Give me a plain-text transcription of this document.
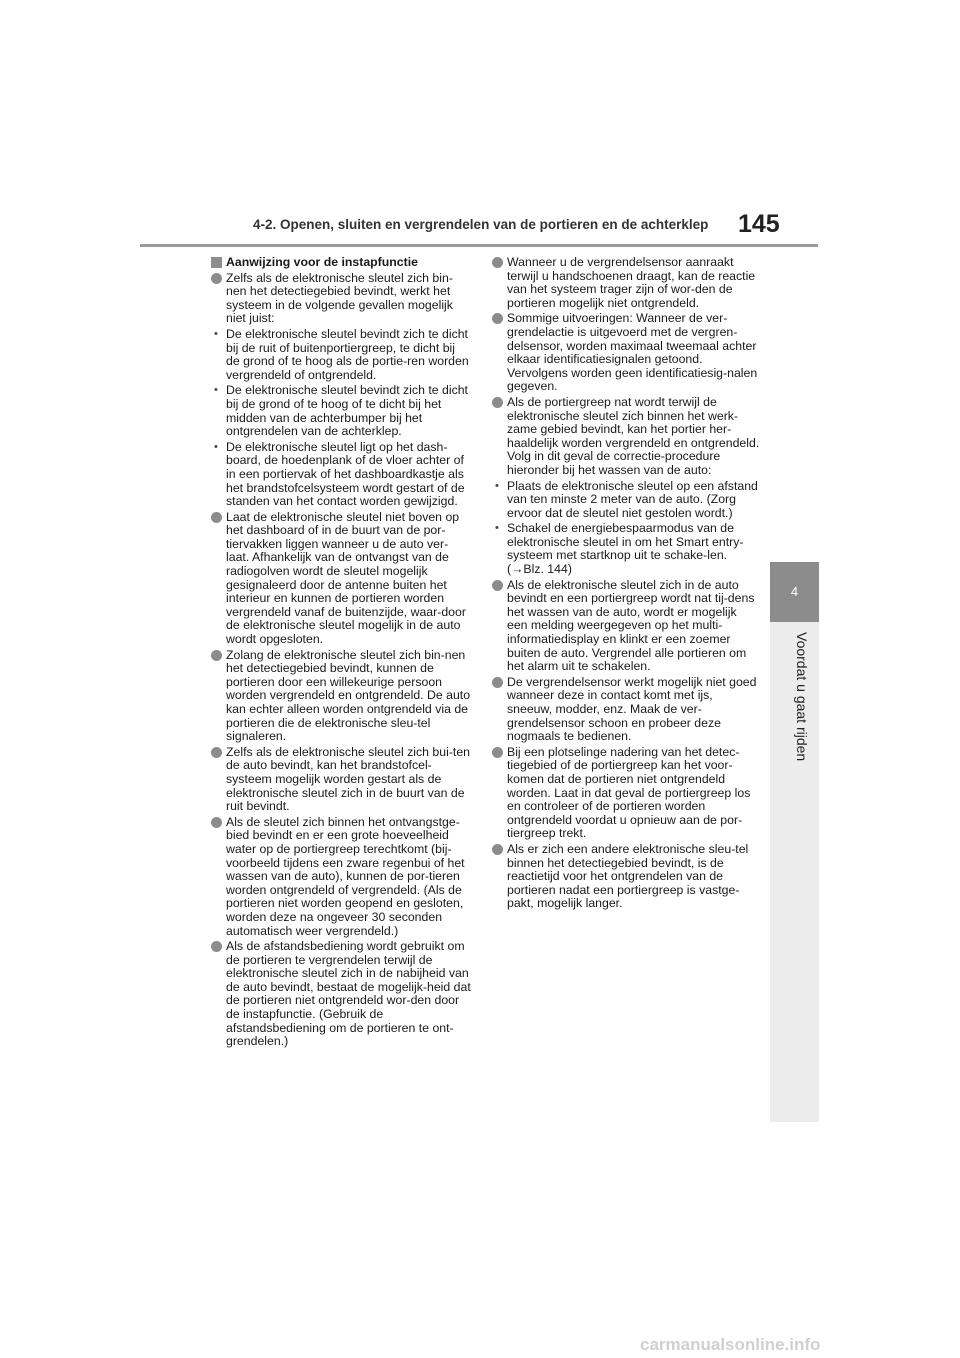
4-2. Openen, sluiten en vergrendelen van de portieren en de achterklep 145
4
Voordat u gaat rijden
Aanwijzing voor de instapfunctie
Zelfs als de elektronische sleutel zich bin-nen het detectiegebied bevindt, werkt het systeem in de volgende gevallen mogelijk niet juist:
• De elektronische sleutel bevindt zich te dicht bij de ruit of buitenportiergreep, te dicht bij de grond of te hoog als de portie-ren worden vergrendeld of ontgrendeld.
• De elektronische sleutel bevindt zich te dicht bij de grond of te hoog of te dicht bij het midden van de achterbumper bij het ontgrendelen van de achterklep.
• De elektronische sleutel ligt op het dash-board, de hoedenplank of de vloer achter of in een portiervak of het dashboardkastje als het brandstofcelsysteem wordt gestart of de standen van het contact worden gewijzigd.
Laat de elektronische sleutel niet boven op het dashboard of in de buurt van de por-tiervakken liggen wanneer u de auto ver-laat. Afhankelijk van de ontvangst van de radiogolven wordt de sleutel mogelijk gesignaleerd door de antenne buiten het interieur en kunnen de portieren worden vergrendeld vanaf de buitenzijde, waar-door de elektronische sleutel mogelijk in de auto wordt opgesloten.
Zolang de elektronische sleutel zich bin-nen het detectiegebied bevindt, kunnen de portieren door een willekeurige persoon worden vergrendeld en ontgrendeld. De auto kan echter alleen worden ontgrendeld via de portieren die de elektronische sleu-tel signaleren.
Zelfs als de elektronische sleutel zich bui-ten de auto bevindt, kan het brandstofcel-systeem mogelijk worden gestart als de elektronische sleutel zich in de buurt van de ruit bevindt.
Als de sleutel zich binnen het ontvangstge-bied bevindt en er een grote hoeveelheid water op de portiergreep terechtkomt (bij-voorbeeld tijdens een zware regenbui of het wassen van de auto), kunnen de por-tieren worden ontgrendeld of vergrendeld. (Als de portieren niet worden geopend en gesloten, worden deze na ongeveer 30 seconden automatisch weer vergrendeld.)
Als de afstandsbediening wordt gebruikt om de portieren te vergrendelen terwijl de elektronische sleutel zich in de nabijheid van de auto bevindt, bestaat de mogelijk-heid dat de portieren niet ontgrendeld wor-den door de instapfunctie. (Gebruik de afstandsbediening om de portieren te ont-grendelen.)
Wanneer u de vergrendelsensor aanraakt terwijl u handschoenen draagt, kan de reactie van het systeem trager zijn of wor-den de portieren mogelijk niet ontgrendeld.
Sommige uitvoeringen: Wanneer de ver-grendelactie is uitgevoerd met de vergren-delsensor, worden maximaal tweemaal achter elkaar identificatiesignalen getoond. Vervolgens worden geen identificatiesig-nalen gegeven.
Als de portiergreep nat wordt terwijl de elektronische sleutel zich binnen het werk-zame gebied bevindt, kan het portier her-haaldelijk worden vergrendeld en ontgrendeld. Volg in dit geval de correctie-procedure hieronder bij het wassen van de auto:
• Plaats de elektronische sleutel op een afstand van ten minste 2 meter van de auto. (Zorg ervoor dat de sleutel niet gestolen wordt.)
• Schakel de energiebespaarmodus van de elektronische sleutel in om het Smart entry-systeem met startknop uit te schake-len. (→Blz. 144)
Als de elektronische sleutel zich in de auto bevindt en een portiergreep wordt nat tij-dens het wassen van de auto, wordt er mogelijk een melding weergegeven op het multi-informatiedisplay en klinkt er een zoemer buiten de auto. Vergrendel alle portieren om het alarm uit te schakelen.
De vergrendelsensor werkt mogelijk niet goed wanneer deze in contact komt met ijs, sneeuw, modder, enz. Maak de ver-grendelsensor schoon en probeer deze nogmaals te bedienen.
Bij een plotselinge nadering van het detec-tiegebied of de portiergreep kan het voor-komen dat de portieren niet ontgrendeld worden. Laat in dat geval de portiergreep los en controleer of de portieren worden ontgrendeld voordat u opnieuw aan de por-tiergreep trekt.
Als er zich een andere elektronische sleu-tel binnen het detectiegebied bevindt, is de reactietijd voor het ontgrendelen van de portieren nadat een portiergreep is vastge-pakt, mogelijk langer.
carmanualsonline.info
